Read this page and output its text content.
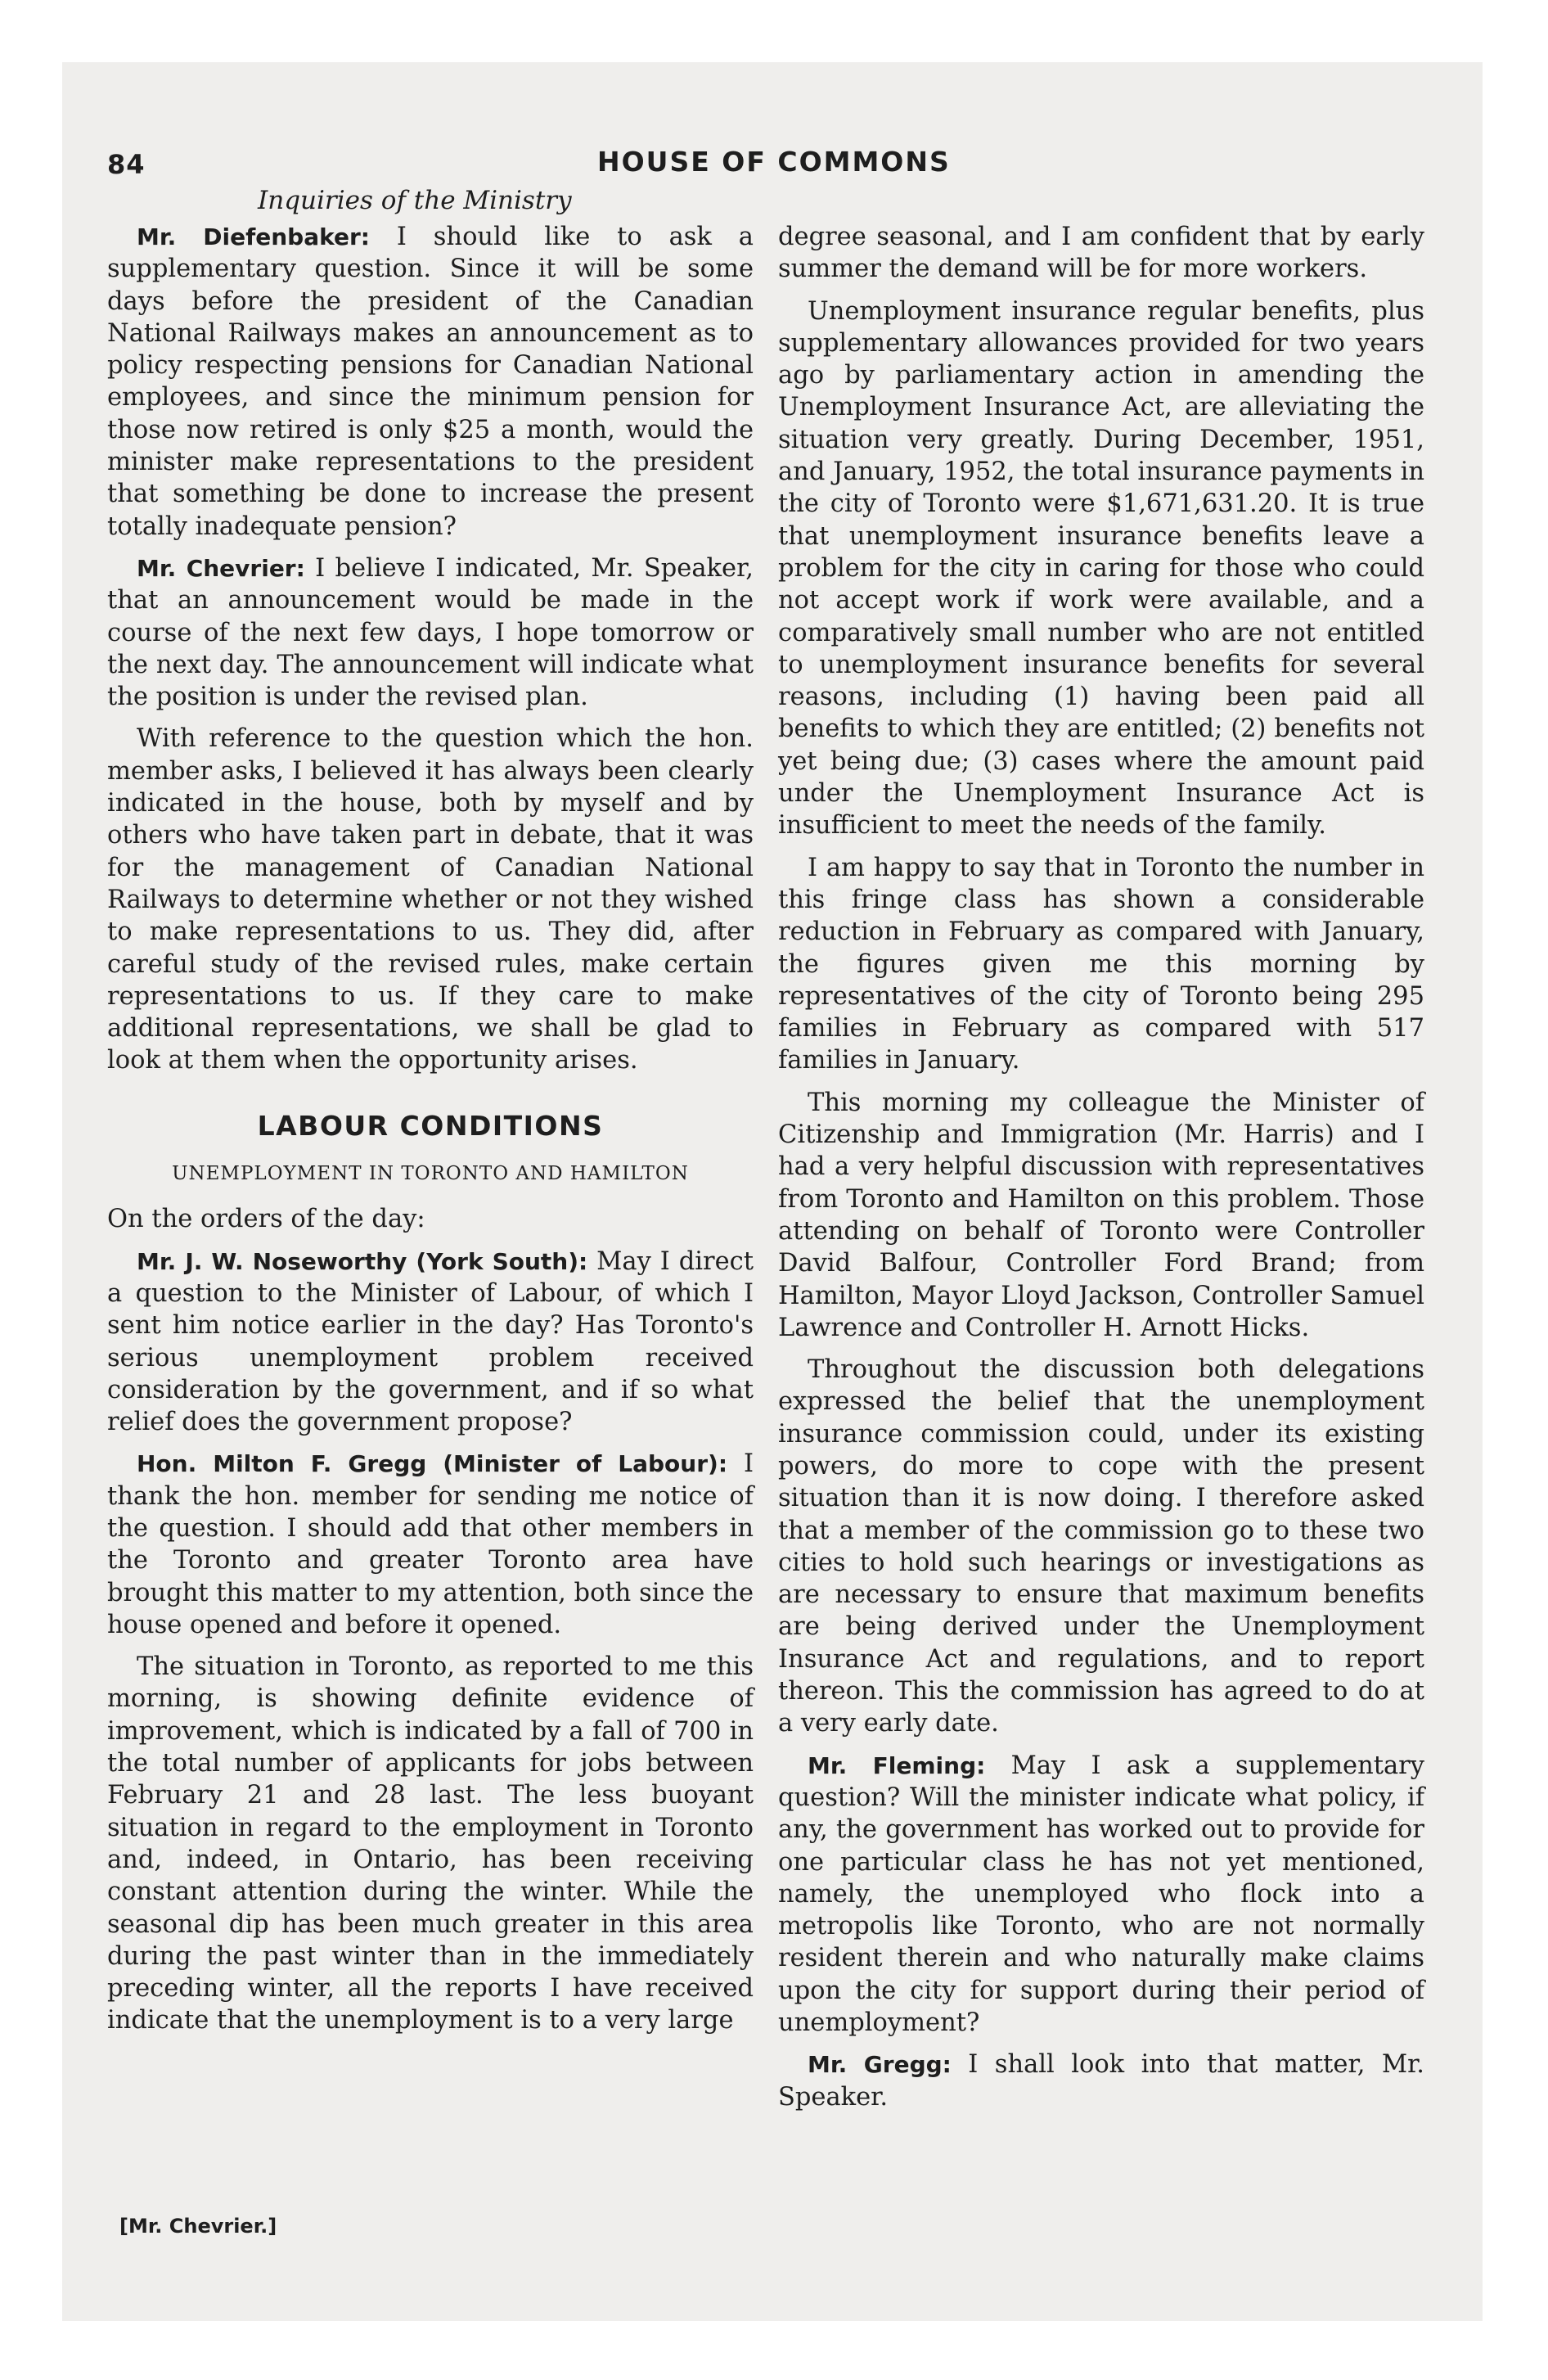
84	HOUSE OF COMMONS
Inquiries of the Ministry

Mr. Diefenbaker: I should like to ask a supplementary question. Since it will be some days before the president of the Canadian National Railways makes an announcement as to policy respecting pensions for Canadian National employees, and since the minimum pension for those now retired is only $25 a month, would the minister make representations to the president that something be done to increase the present totally inadequate pension?

Mr. Chevrier: I believe I indicated, Mr. Speaker, that an announcement would be made in the course of the next few days, I hope tomorrow or the next day. The announcement will indicate what the position is under the revised plan.

With reference to the question which the hon. member asks, I believed it has always been clearly indicated in the house, both by myself and by others who have taken part in debate, that it was for the management of Canadian National Railways to determine whether or not they wished to make representations to us. They did, after careful study of the revised rules, make certain representations to us. If they care to make additional representations, we shall be glad to look at them when the opportunity arises.

LABOUR CONDITIONS
UNEMPLOYMENT IN TORONTO AND HAMILTON

On the orders of the day:

Mr. J. W. Noseworthy (York South): May I direct a question to the Minister of Labour, of which I sent him notice earlier in the day? Has Toronto's serious unemployment problem received consideration by the government, and if so what relief does the government propose?

Hon. Milton F. Gregg (Minister of Labour): I thank the hon. member for sending me notice of the question. I should add that other members in the Toronto and greater Toronto area have brought this matter to my attention, both since the house opened and before it opened.

The situation in Toronto, as reported to me this morning, is showing definite evidence of improvement, which is indicated by a fall of 700 in the total number of applicants for jobs between February 21 and 28 last. The less buoyant situation in regard to the employment in Toronto and, indeed, in Ontario, has been receiving constant attention during the winter. While the seasonal dip has been much greater in this area during the past winter than in the immediately preceding winter, all the reports I have received indicate that the unemployment is to a very large

degree seasonal, and I am confident that by early summer the demand will be for more workers.

Unemployment insurance regular benefits, plus supplementary allowances provided for two years ago by parliamentary action in amending the Unemployment Insurance Act, are alleviating the situation very greatly. During December, 1951, and January, 1952, the total insurance payments in the city of Toronto were $1,671,631.20. It is true that unemployment insurance benefits leave a problem for the city in caring for those who could not accept work if work were available, and a comparatively small number who are not entitled to unemployment insurance benefits for several reasons, including (1) having been paid all benefits to which they are entitled; (2) benefits not yet being due; (3) cases where the amount paid under the Unemployment Insurance Act is insufficient to meet the needs of the family.

I am happy to say that in Toronto the number in this fringe class has shown a considerable reduction in February as compared with January, the figures given me this morning by representatives of the city of Toronto being 295 families in February as compared with 517 families in January.

This morning my colleague the Minister of Citizenship and Immigration (Mr. Harris) and I had a very helpful discussion with representatives from Toronto and Hamilton on this problem. Those attending on behalf of Toronto were Controller David Balfour, Controller Ford Brand; from Hamilton, Mayor Lloyd Jackson, Controller Samuel Lawrence and Controller H. Arnott Hicks.

Throughout the discussion both delegations expressed the belief that the unemployment insurance commission could, under its existing powers, do more to cope with the present situation than it is now doing. I therefore asked that a member of the commission go to these two cities to hold such hearings or investigations as are necessary to ensure that maximum benefits are being derived under the Unemployment Insurance Act and regulations, and to report thereon. This the commission has agreed to do at a very early date.

Mr. Fleming: May I ask a supplementary question? Will the minister indicate what policy, if any, the government has worked out to provide for one particular class he has not yet mentioned, namely, the unemployed who flock into a metropolis like Toronto, who are not normally resident therein and who naturally make claims upon the city for support during their period of unemployment?

Mr. Gregg: I shall look into that matter, Mr. Speaker.

[Mr. Chevrier.]
